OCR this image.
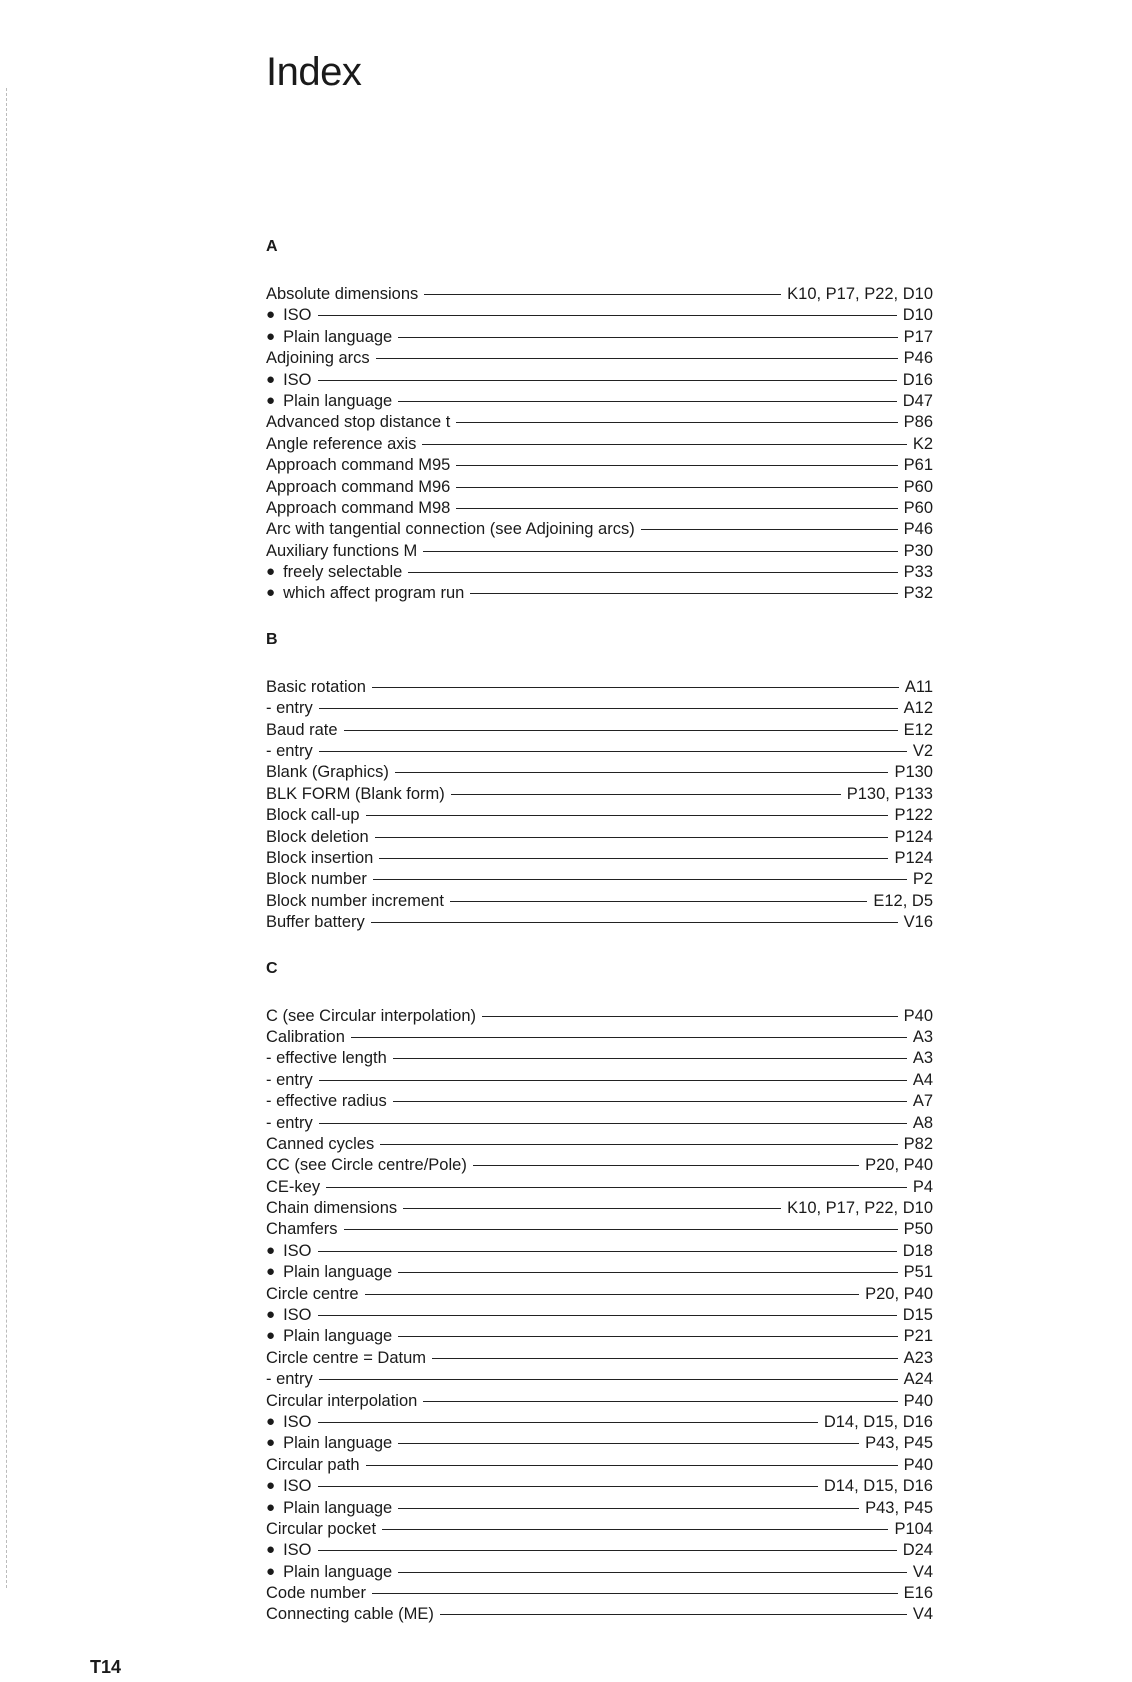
Index
A
Absolute dimensions	K10, P17, P22, D10
● ISO	D10
● Plain language	P17
Adjoining arcs	P46
● ISO	D16
● Plain language	D47
Advanced stop distance t	P86
Angle reference axis	K2
Approach command M95	P61
Approach command M96	P60
Approach command M98	P60
Arc with tangential connection (see Adjoining arcs)	P46
Auxiliary functions M	P30
● freely selectable	P33
● which affect program run	P32
B
Basic rotation	A11
- entry	A12
Baud rate	E12
- entry	V2
Blank (Graphics)	P130
BLK FORM (Blank form)	P130, P133
Block call-up	P122
Block deletion	P124
Block insertion	P124
Block number	P2
Block number increment	E12, D5
Buffer battery	V16
C
C (see Circular interpolation)	P40
Calibration	A3
- effective length	A3
- entry	A4
- effective radius	A7
- entry	A8
Canned cycles	P82
CC (see Circle centre/Pole)	P20, P40
CE-key	P4
Chain dimensions	K10, P17, P22, D10
Chamfers	P50
● ISO	D18
● Plain language	P51
Circle centre	P20, P40
● ISO	D15
● Plain language	P21
Circle centre = Datum	A23
- entry	A24
Circular interpolation	P40
● ISO	D14, D15, D16
● Plain language	P43, P45
Circular path	P40
● ISO	D14, D15, D16
● Plain language	P43, P45
Circular pocket	P104
● ISO	D24
● Plain language	V4
Code number	E16
Connecting cable (ME)	V4
T14
